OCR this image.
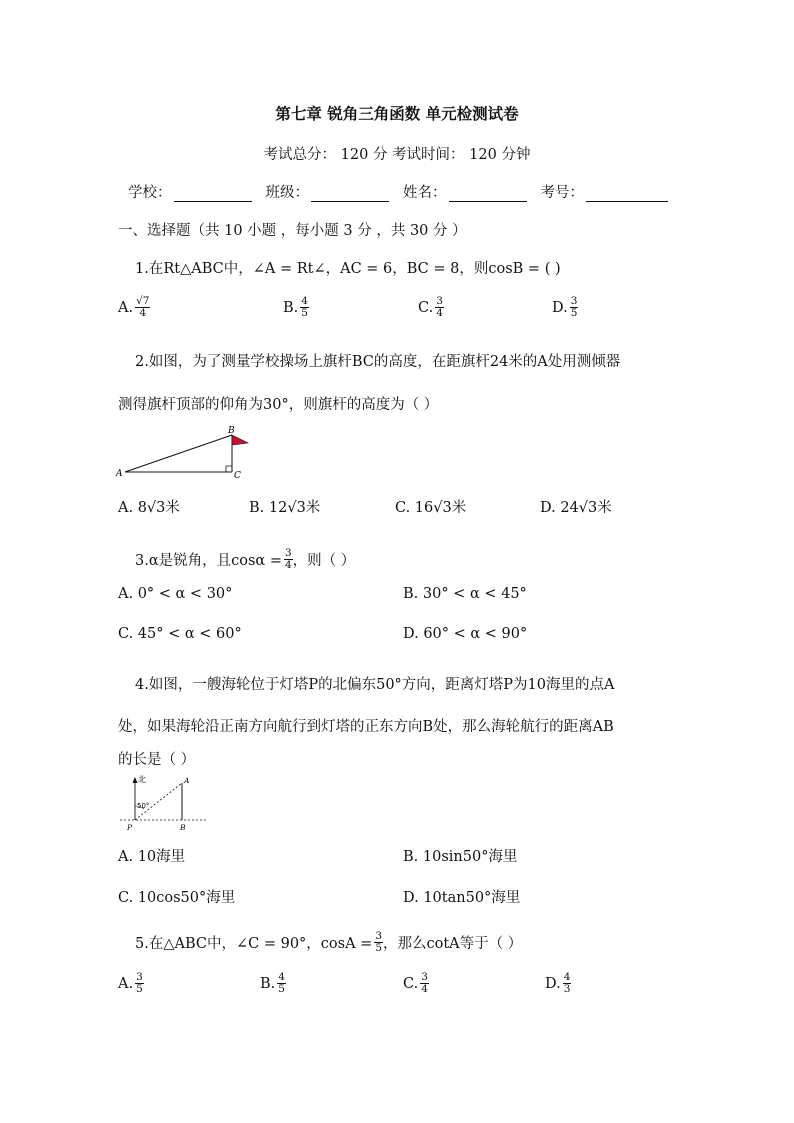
第七章 锐角三角函数 单元检测试卷
考试总分： 120 分 考试时间： 120 分钟
学校：	班级：	姓名：	考号：
一、选择题（共 10 小题 ，每小题 3 分 ，共 30 分 ）
1.在Rt△ABC中，∠A = Rt∠，AC = 6，BC = 8，则cosB = ( )
A. $\frac{√7}{4}$	B. $\frac{4}{5}$	C. $\frac{3}{4}$	D. $\frac{3}{5}$
2.如图，为了测量学校操场上旗杆BC的高度，在距旗杆24米的A处用测倾器
测得旗杆顶部的仰角为30°，则旗杆的高度为（ ）
A
B
C
A. 8√3米	B. 12√3米	C. 16√3米	D. 24√3米
3.α是锐角，且$\cos\alpha = \frac{3}{4}$ ，则（ ）
A. 0° < α < 30°	B. 30° < α < 45°
C. 45° < α < 60°	D. 60° < α < 90°
4.如图，一艘海轮位于灯塔P的北偏东50°方向，距离灯塔P为10海里的点A
处，如果海轮沿正南方向航行到灯塔的正东方向B处，那么海轮航行的距离AB
的长是（ ）
北	A
50°
P	B
A. 10海里	B. 10sin50°海里
C. 10cos50°海里	D. 10tan50°海里
5.在△ABC中，∠C = 90°，$\cos A = \frac{3}{5}$ ，那么cotA等于（ ）
A. $\frac{3}{5}$	B. $\frac{4}{5}$	C. $\frac{3}{4}$	D. $\frac{4}{3}$
